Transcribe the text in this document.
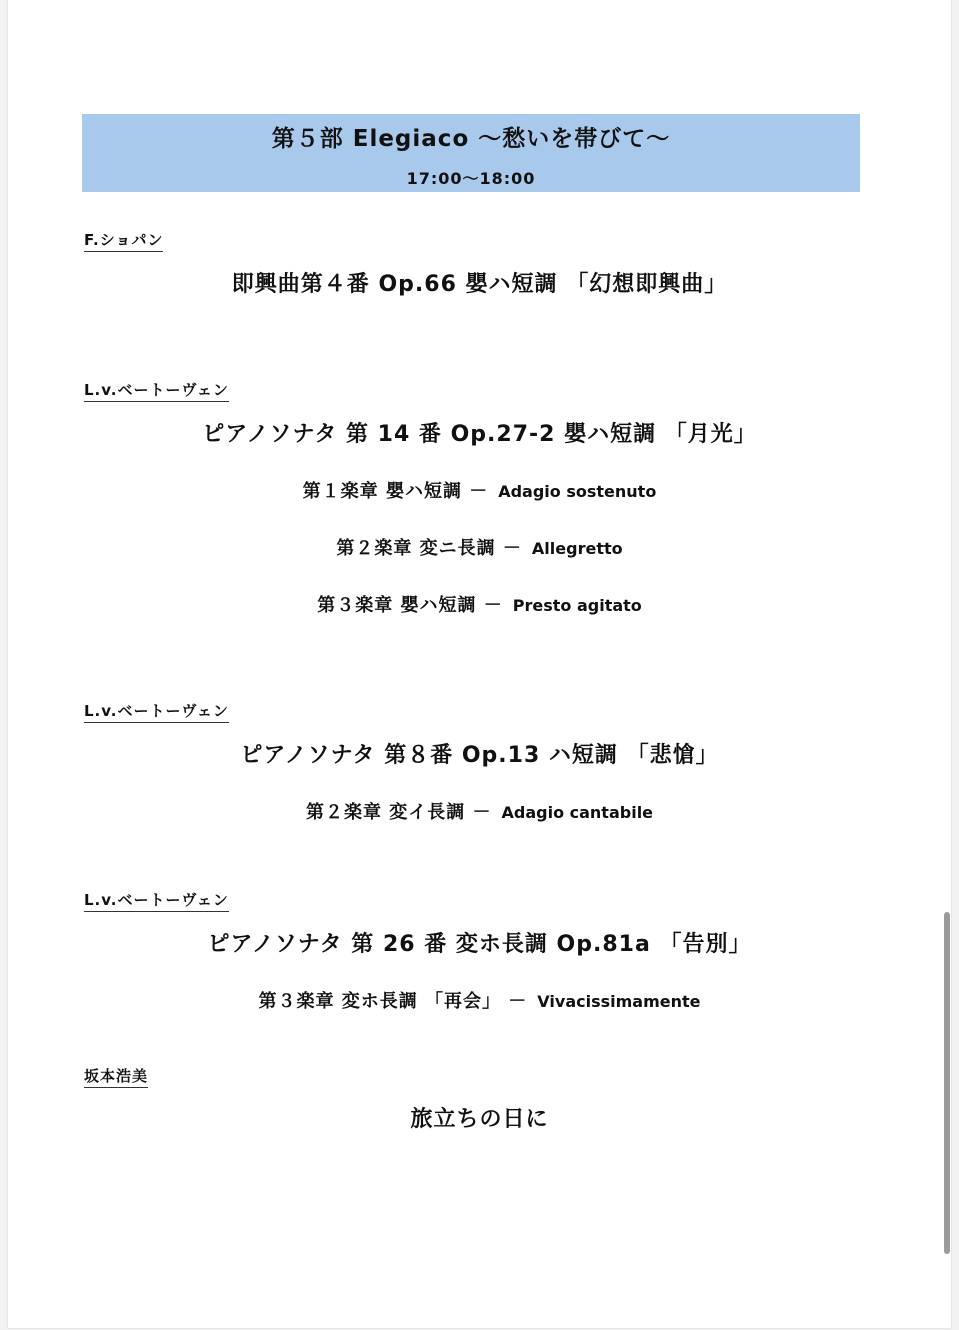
第５部 Elegiaco ～愁いを帯びて～
17:00～18:00
F.ショパン
即興曲第４番 Op.66 嬰ハ短調 「幻想即興曲」
L.v.ベートーヴェン
ピアノソナタ 第 14 番 Op.27-2 嬰ハ短調 「月光」
第１楽章 嬰ハ短調 － Adagio sostenuto
第２楽章 変ニ長調 － Allegretto
第３楽章 嬰ハ短調 － Presto agitato
L.v.ベートーヴェン
ピアノソナタ 第８番 Op.13 ハ短調 「悲愴」
第２楽章 変イ長調 － Adagio cantabile
L.v.ベートーヴェン
ピアノソナタ 第 26 番 変ホ長調 Op.81a 「告別」
第３楽章 変ホ長調 「再会」 － Vivacissimamente
坂本浩美
旅立ちの日に
